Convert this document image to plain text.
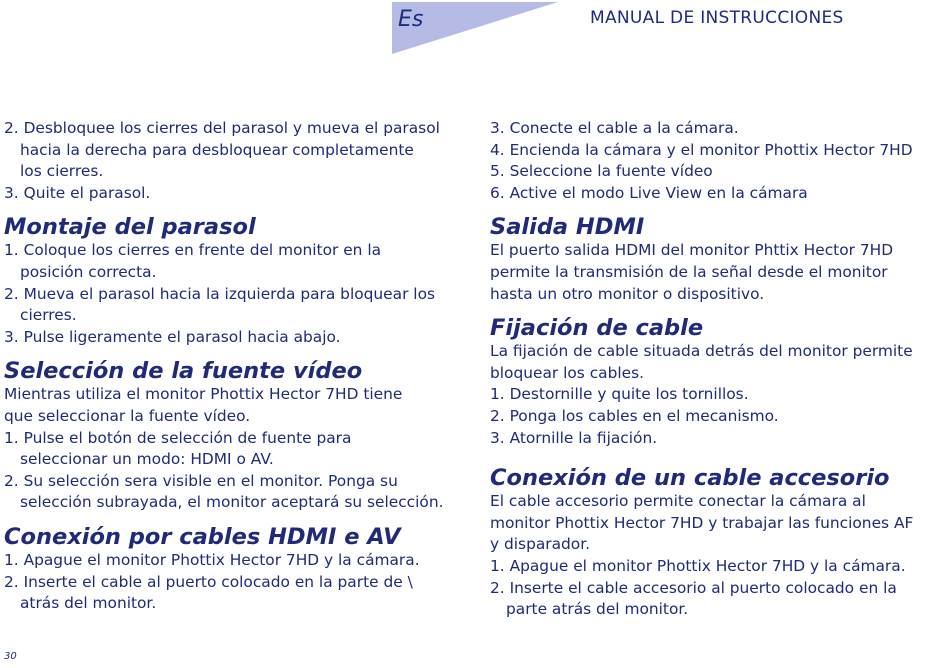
Es	MANUAL DE INSTRUCCIONES
2. Desbloquee los cierres del parasol y mueva el parasol
hacia la derecha para desbloquear completamente
los cierres.
3. Quite el parasol.
Montaje del parasol
1. Coloque los cierres en frente del monitor en la
posición correcta.
2. Mueva el parasol hacia la izquierda para bloquear los
cierres.
3. Pulse ligeramente el parasol hacia abajo.
Selección de la fuente vídeo
Mientras utiliza el monitor Phottix Hector 7HD tiene
que seleccionar la fuente vídeo.
1. Pulse el botón de selección de fuente para
seleccionar un modo: HDMI o AV.
2. Su selección sera visible en el monitor. Ponga su
selección subrayada, el monitor aceptará su selección.
Conexión por cables HDMI e AV
1. Apague el monitor Phottix Hector 7HD y la cámara.
2. Inserte el cable al puerto colocado en la parte de \
atrás del monitor.
3. Conecte el cable a la cámara.
4. Encienda la cámara y el monitor Phottix Hector 7HD
5. Seleccione la fuente vídeo
6. Active el modo Live View en la cámara
Salida HDMI
El puerto salida HDMI del monitor Phttix Hector 7HD
permite la transmisión de la señal desde el monitor
hasta un otro monitor o dispositivo.
Fijación de cable
La fijación de cable situada detrás del monitor permite
bloquear los cables.
1. Destornille y quite los tornillos.
2. Ponga los cables en el mecanismo.
3. Atornille la fijación.
Conexión de un cable accesorio
El cable accesorio permite conectar la cámara al
monitor Phottix Hector 7HD y trabajar las funciones AF
y disparador.
1. Apague el monitor Phottix Hector 7HD y la cámara.
2. Inserte el cable accesorio al puerto colocado en la
parte atrás del monitor.
30
